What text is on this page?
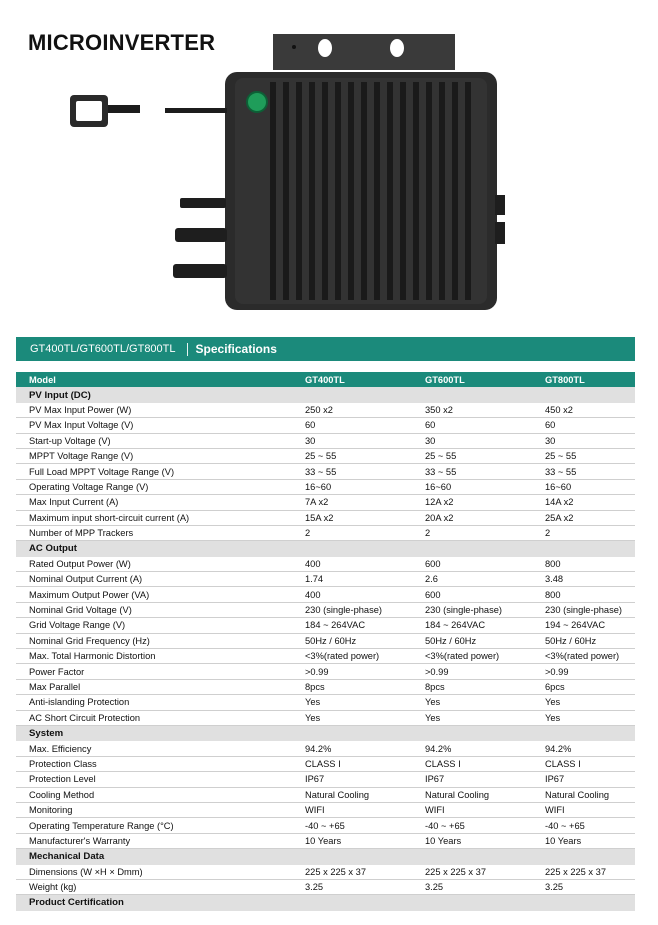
MICROINVERTER
GT400TL/GT600TL/GT800TL Specifications
Model	GT400TL	GT600TL	GT800TL
PV Input (DC)
PV Max Input Power (W)	250 x2	350 x2	450 x2
PV Max Input Voltage (V)	60	60	60
Start-up Voltage (V)	30	30	30
MPPT Voltage Range (V)	25 ~ 55	25 ~ 55	25 ~ 55
Full Load MPPT Voltage Range (V)	33 ~ 55	33 ~ 55	33 ~ 55
Operating Voltage Range (V)	16~60	16~60	16~60
Max Input Current (A)	7A x2	12A x2	14A x2
Maximum input short-circuit current (A)	15A x2	20A x2	25A x2
Number of MPP Trackers	2	2	2
AC Output
Rated Output Power (W)	400	600	800
Nominal Output Current (A)	1.74	2.6	3.48
Maximum Output Power (VA)	400	600	800
Nominal Grid Voltage (V)	230 (single-phase)	230 (single-phase)	230 (single-phase)
Grid Voltage Range (V)	184 ~ 264VAC	184 ~ 264VAC	194 ~ 264VAC
Nominal Grid Frequency (Hz)	50Hz / 60Hz	50Hz / 60Hz	50Hz / 60Hz
Max. Total Harmonic Distortion	<3%(rated power)	<3%(rated power)	<3%(rated power)
Power Factor	>0.99	>0.99	>0.99
Max Parallel	8pcs	8pcs	6pcs
Anti-islanding Protection	Yes	Yes	Yes
AC Short Circuit Protection	Yes	Yes	Yes
System
Max. Efficiency	94.2%	94.2%	94.2%
Protection Class	CLASS I	CLASS I	CLASS I
Protection Level	IP67	IP67	IP67
Cooling Method	Natural Cooling	Natural Cooling	Natural Cooling
Monitoring	WIFI	WIFI	WIFI
Operating Temperature Range (°C)	-40 ~ +65	-40 ~ +65	-40 ~ +65
Manufacturer's Warranty	10 Years	10 Years	10 Years
Mechanical Data
Dimensions (W ×H × Dmm)	225 x 225 x 37	225 x 225 x 37	225 x 225 x 37
Weight (kg)	3.25	3.25	3.25
Product Certification
